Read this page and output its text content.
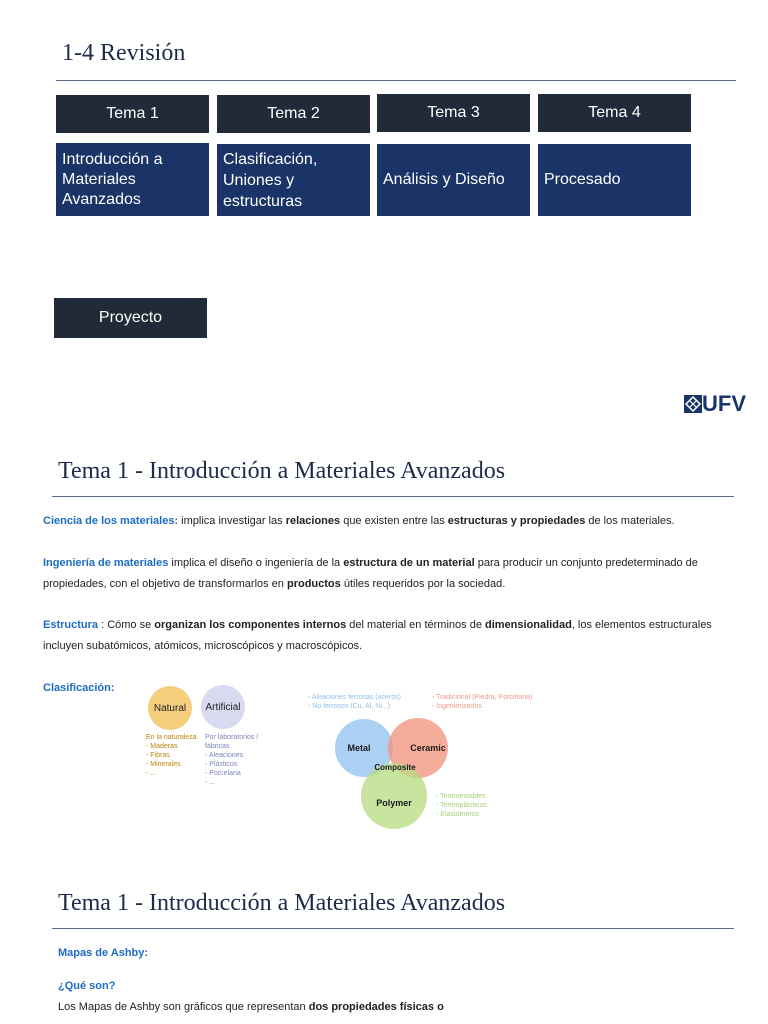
1-4 Revisión
Tema 1	Tema 2	Tema 3	Tema 4
Introducción a
Materiales
Avanzados
Clasificación,
Uniones y
estructuras
Análisis y Diseño	Procesado
Proyecto
UFV
Tema 1 - Introducción a Materiales Avanzados
Ciencia de los materiales: implica investigar las relaciones que existen entre las estructuras y propiedades de los materiales.
Ingeniería de materiales implica el diseño o ingeniería de la estructura de un material para producir un conjunto predeterminado de propiedades, con el objetivo de transformarlos en productos útiles requeridos por la sociedad.
Estructura : Cómo se organizan los componentes internos del material en términos de dimensionalidad, los elementos estructurales incluyen subatómicos, atómicos, microscópicos y macroscópicos.
Clasificación:
Natural Artificial
En la naturaleza
- Maderas
- Fibras
- Minerales
- ...
Por laboratorios /
fábricas
- Aleaciones
- Plásticos
- Porcelana
- ...
- Aleaciones ferrosas (aceros)
- No ferrosos (Cu, Al, Ni...)
- Tradicional (Piedra, Porcelana)
- Ingenierizados
- Termoestables
- Termoplásticos
- Elastómeros
Metal	Ceramic
Composite
Polymer
Tema 1 - Introducción a Materiales Avanzados
Mapas de Ashby:
¿Qué son?
Los Mapas de Ashby son gráficos que representan dos propiedades físicas o
